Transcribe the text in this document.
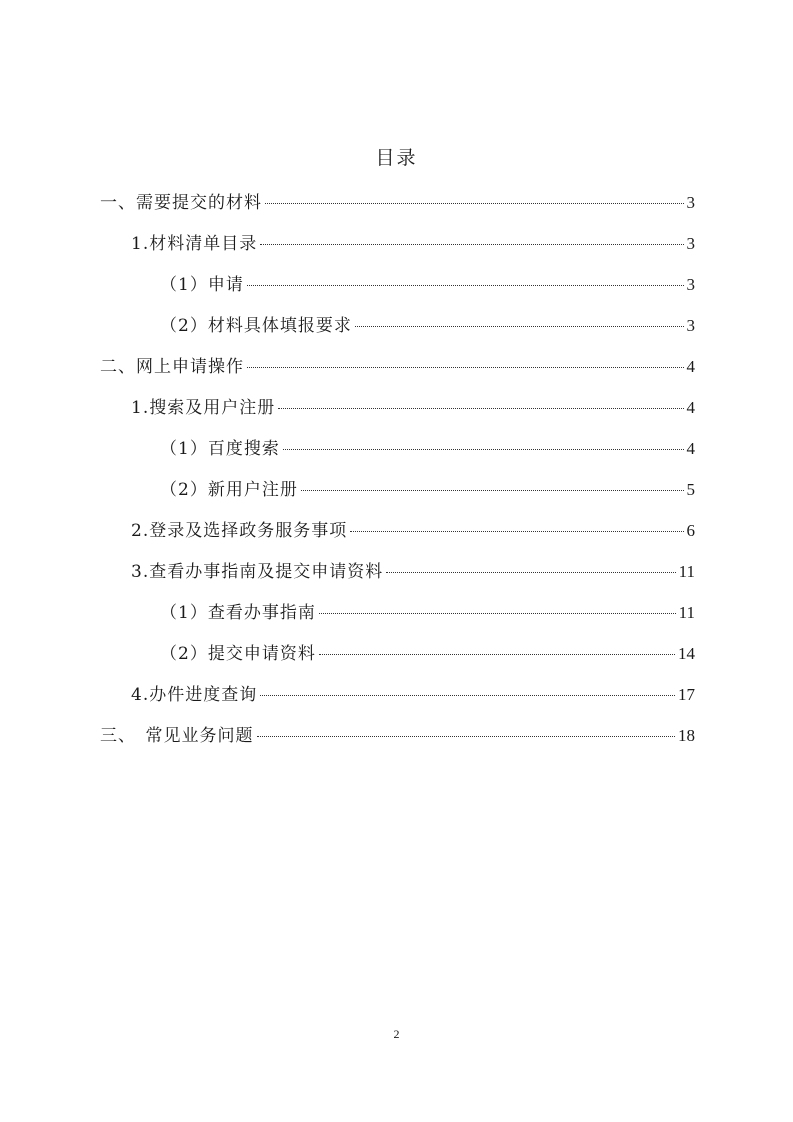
目录
一、需要提交的材料	3
1.材料清单目录	3
（1）申请	3
（2）材料具体填报要求	3
二、网上申请操作	4
1.搜索及用户注册	4
（1）百度搜索	4
（2）新用户注册	5
2.登录及选择政务服务事项	6
3.查看办事指南及提交申请资料	11
（1）查看办事指南	11
（2）提交申请资料	14
4.办件进度查询	17
三、　常见业务问题	18
2
